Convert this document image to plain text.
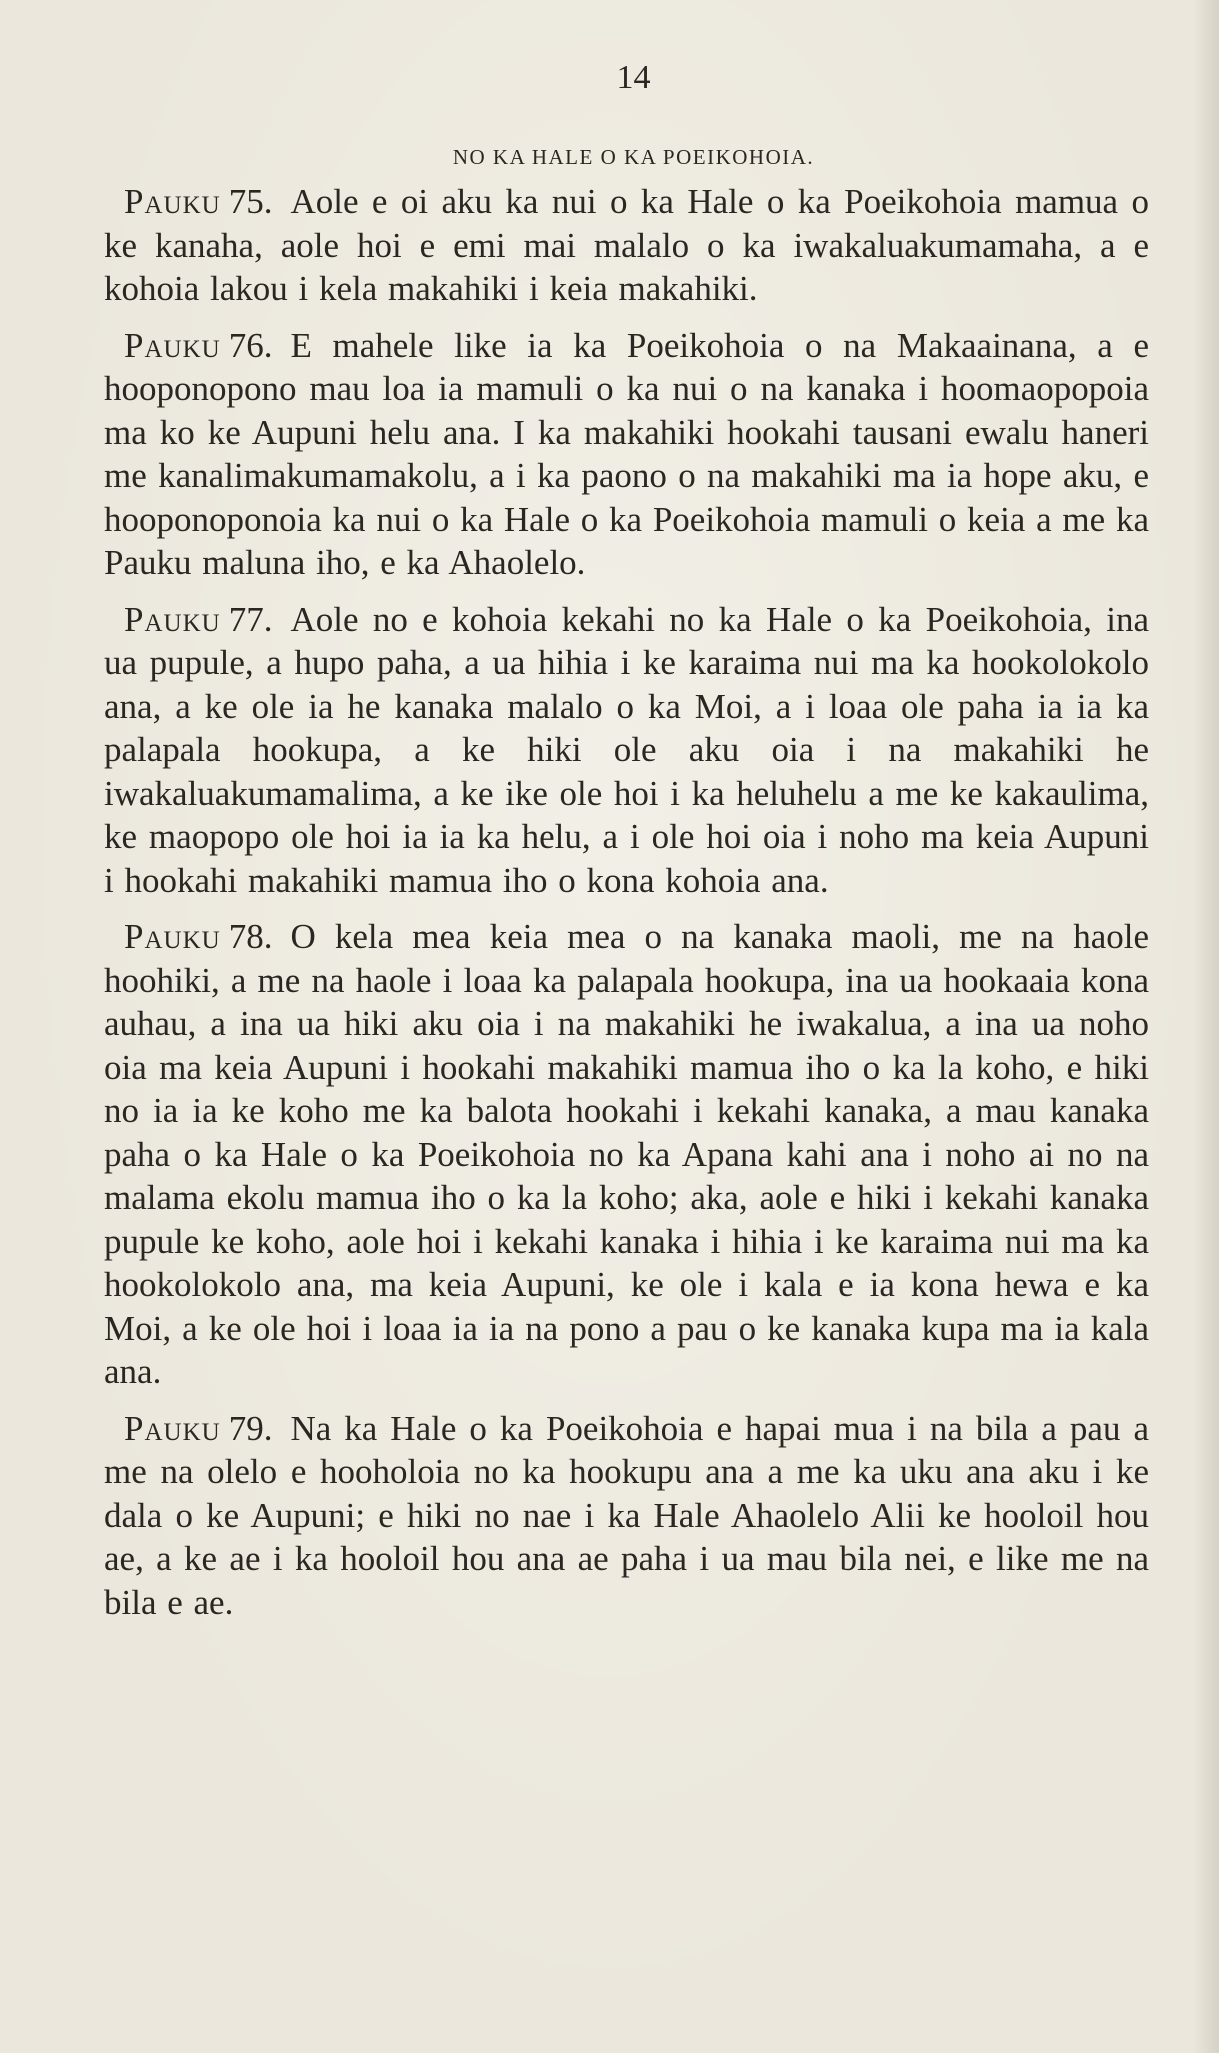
14
NO KA HALE O KA POEIKOHOIA.

Pauku 75. Aole e oi aku ka nui o ka Hale o ka Poeikohoia mamua o ke kanaha, aole hoi e emi mai malalo o ka iwakaluakumamaha, a e kohoia lakou i kela makahiki i keia makahiki.

Pauku 76. E mahele like ia ka Poeikohoia o na Makaainana, a e hooponopono mau loa ia mamuli o ka nui o na kanaka i hoomaopopoia ma ko ke Aupuni helu ana. I ka makahiki hookahi tausani ewalu haneri me kanalimakumamakolu, a i ka paono o na makahiki ma ia hope aku, e hooponoponoia ka nui o ka Hale o ka Poeikohoia mamuli o keia a me ka Pauku maluna iho, e ka Ahaolelo.

Pauku 77. Aole no e kohoia kekahi no ka Hale o ka Poeikohoia, ina ua pupule, a hupo paha, a ua hihia i ke karaima nui ma ka hookolokolo ana, a ke ole ia he kanaka malalo o ka Moi, a i loaa ole paha ia ia ka palapala hookupa, a ke hiki ole aku oia i na makahiki he iwakaluakumamalima, a ke ike ole hoi i ka heluhelu a me ke kakaulima, ke maopopo ole hoi ia ia ka helu, a i ole hoi oia i noho ma keia Aupuni i hookahi makahiki mamua iho o kona kohoia ana.

Pauku 78. O kela mea keia mea o na kanaka maoli, me na haole hoohiki, a me na haole i loaa ka palapala hookupa, ina ua hookaaia kona auhau, a ina ua hiki aku oia i na makahiki he iwakalua, a ina ua noho oia ma keia Aupuni i hookahi makahiki mamua iho o ka la koho, e hiki no ia ia ke koho me ka balota hookahi i kekahi kanaka, a mau kanaka paha o ka Hale o ka Poeikohoia no ka Apana kahi ana i noho ai no na malama ekolu mamua iho o ka la koho; aka, aole e hiki i kekahi kanaka pupule ke koho, aole hoi i kekahi kanaka i hihia i ke karaima nui ma ka hookolokolo ana, ma keia Aupuni, ke ole i kala e ia kona hewa e ka Moi, a ke ole hoi i loaa ia ia na pono a pau o ke kanaka kupa ma ia kala ana.

Pauku 79. Na ka Hale o ka Poeikohoia e hapai mua i na bila a pau a me na olelo e hooholoia no ka hookupu ana a me ka uku ana aku i ke dala o ke Aupuni; e hiki no nae i ka Hale Ahaolelo Alii ke hooloil hou ae, a ke ae i ka hooloil hou ana ae paha i ua mau bila nei, e like me na bila e ae.
